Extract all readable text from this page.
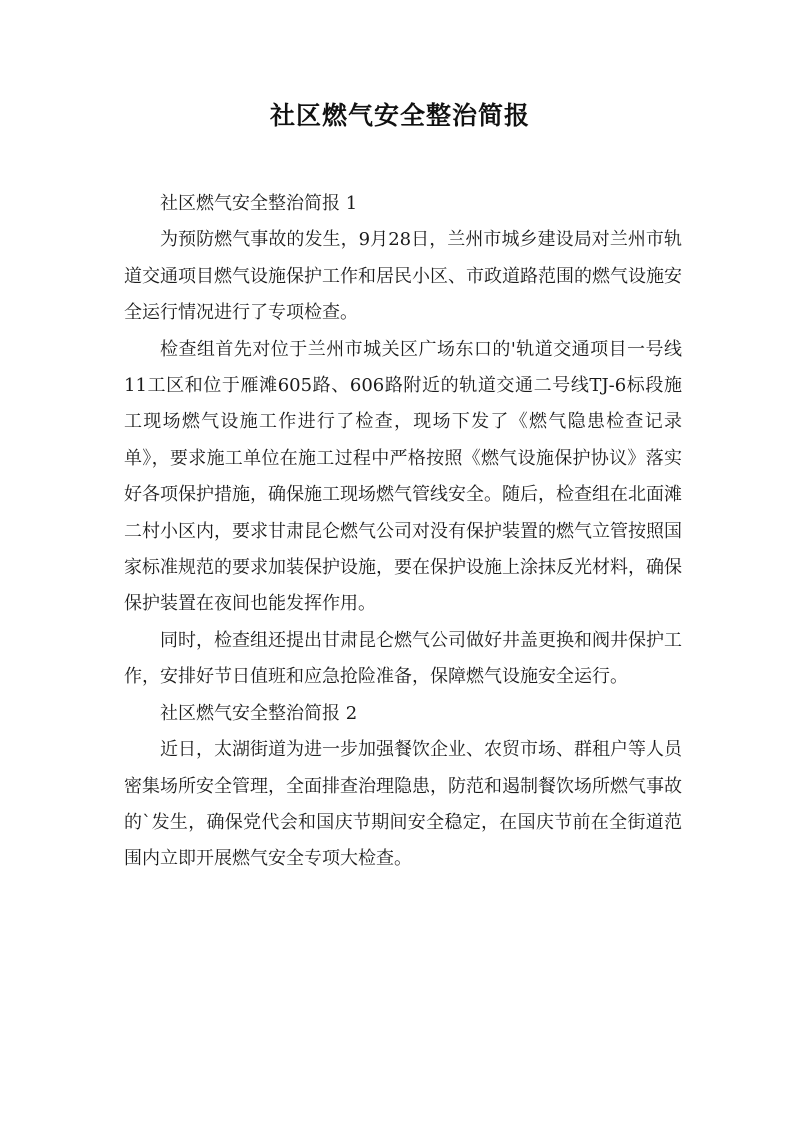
社区燃气安全整治简报

社区燃气安全整治简报 1

为预防燃气事故的发生，9月28日，兰州市城乡建设局对兰州市轨道交通项目燃气设施保护工作和居民小区、市政道路范围的燃气设施安全运行情况进行了专项检查。

检查组首先对位于兰州市城关区广场东口的'轨道交通项目一号线11工区和位于雁滩605路、606路附近的轨道交通二号线TJ-6标段施工现场燃气设施工作进行了检查，现场下发了《燃气隐患检查记录单》，要求施工单位在施工过程中严格按照《燃气设施保护协议》落实好各项保护措施，确保施工现场燃气管线安全。随后，检查组在北面滩二村小区内，要求甘肃昆仑燃气公司对没有保护装置的燃气立管按照国家标准规范的要求加装保护设施，要在保护设施上涂抹反光材料，确保保护装置在夜间也能发挥作用。

同时，检查组还提出甘肃昆仑燃气公司做好井盖更换和阀井保护工作，安排好节日值班和应急抢险准备，保障燃气设施安全运行。

社区燃气安全整治简报 2

近日，太湖街道为进一步加强餐饮企业、农贸市场、群租户等人员密集场所安全管理，全面排查治理隐患，防范和遏制餐饮场所燃气事故的`发生，确保党代会和国庆节期间安全稳定，在国庆节前在全街道范围内立即开展燃气安全专项大检查。
